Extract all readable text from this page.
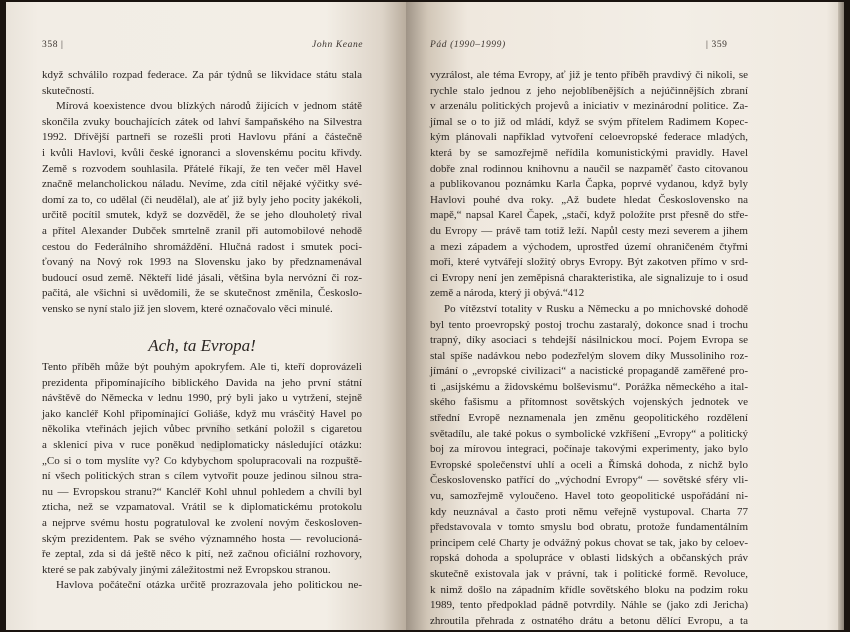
358 |	John Keane
když schválilo rozpad federace. Za pár týdnů se likvidace státu stala
skutečností.
Mírová koexistence dvou blízkých národů žijících v jednom státě
skončila zvuky bouchajících zátek od lahví šampaňského na Silvestra
1992. Dřívější partneři se rozešli proti Havlovu přání a částečně
i kvůli Havlovi, kvůli české ignoranci a slovenskému pocitu křivdy.
Země s rozvodem souhlasila. Přátelé říkají, že ten večer měl Havel
značně melancholickou náladu. Nevíme, zda cítil nějaké výčitky své-
domí za to, co udělal (či neudělal), ale ať již byly jeho pocity jakékoli,
určitě pocítil smutek, když se dozvěděl, že se jeho dlouholetý rival
a přítel Alexander Dubček smrtelně zranil při automobilové nehodě
cestou do Federálního shromáždění. Hlučná radost i smutek poci-
ťovaný na Nový rok 1993 na Slovensku jako by předznamenával
budoucí osud země. Někteří lidé jásali, většina byla nervózní či roz-
pačitá, ale všichni si uvědomili, že se skutečnost změnila, Českoslo-
vensko se nyní stalo již jen slovem, které označovalo věci minulé.
Ach, ta Evropa!
Tento příběh může být pouhým apokryfem. Ale ti, kteří doprovázeli
prezidenta připomínajícího biblického Davida na jeho první státní
návštěvě do Německa v lednu 1990, prý byli jako u vytržení, stejně
jako kancléř Kohl připomínající Goliáše, když mu vrásčitý Havel po
několika vteřinách jejich vůbec prvního setkání položil s cigaretou
a sklenicí piva v ruce poněkud nediplomaticky následující otázku:
„Co si o tom myslíte vy? Co kdybychom spolupracovali na rozpuště-
ní všech politických stran s cílem vytvořit pouze jedinou silnou stra-
nu — Evropskou stranu?“ Kancléř Kohl uhnul pohledem a chvíli byl
zticha, než se vzpamatoval. Vrátil se k diplomatickému protokolu
a nejprve svému hostu pogratuloval ke zvolení novým českosloven-
ským prezidentem. Pak se svého významného hosta — revolucioná-
ře zeptal, zda si dá ještě něco k pití, než začnou oficiální rozhovory,
které se pak zabývaly jinými záležitostmi než Evropskou stranou.
Havlova počáteční otázka určitě prozrazovala jeho politickou ne-
Pád (1990–1999)	| 359
vyzrálost, ale téma Evropy, ať již je tento příběh pravdivý či nikoli, se
rychle stalo jednou z jeho nejoblíbenějších a nejúčinnějších zbraní
v arzenálu politických projevů a iniciativ v mezinárodní politice. Za-
jímal se o to již od mládí, když se svým přítelem Radimem Kopec-
kým plánovali například vytvoření celoevropské federace mladých,
která by se samozřejmě neřídila komunistickými pravidly. Havel
dobře znal rodinnou knihovnu a naučil se nazpaměť často citovanou
a publikovanou poznámku Karla Čapka, poprvé vydanou, když byly
Havlovi pouhé dva roky. „Až budete hledat Československo na
mapě,“ napsal Karel Čapek, „stačí, když položíte prst přesně do stře-
du Evropy — právě tam totiž leží. Napůl cesty mezi severem a jihem
a mezi západem a východem, uprostřed území ohraničeném čtyřmi
moři, které vytvářejí složitý obrys Evropy. Být zakotven přímo v srd-
ci Evropy není jen zeměpisná charakteristika, ale signalizuje to i osud
země a národa, který ji obývá.“412
Po vítězství totality v Rusku a Německu a po mnichovské dohodě
byl tento proevropský postoj trochu zastaralý, dokonce snad i trochu
trapný, díky asociaci s tehdejší násilnickou mocí. Pojem Evropa se
stal spíše nadávkou nebo podezřelým slovem díky Mussoliniho roz-
jímání o „evropské civilizaci“ a nacistické propagandě zaměřené pro-
ti „asijskému a židovskému bolševismu“. Porážka německého a ital-
ského fašismu a přítomnost sovětských vojenských jednotek ve
střední Evropě neznamenala jen změnu geopolitického rozdělení
světadílu, ale také pokus o symbolické vzkříšení „Evropy“ a politický
boj za mírovou integraci, počínaje takovými experimenty, jako bylo
Evropské společenství uhlí a oceli a Římská dohoda, z nichž bylo
Československo patřící do „východní Evropy“ — sovětské sféry vli-
vu, samozřejmě vyloučeno. Havel toto geopolitické uspořádání ni-
kdy neuznával a často proti němu veřejně vystupoval. Charta 77
představovala v tomto smyslu bod obratu, protože fundamentálním
principem celé Charty je odvážný pokus chovat se tak, jako by celoev-
ropská dohoda a spolupráce v oblasti lidských a občanských práv
skutečně existovala jak v právní, tak i politické formě. Revoluce,
k nimž došlo na západním křídle sovětského bloku na podzim roku
1989, tento předpoklad pádně potvrdily. Náhle se (jako zdi Jericha)
zhroutila přehrada z ostnatého drátu a betonu dělící Evropu, a ta
